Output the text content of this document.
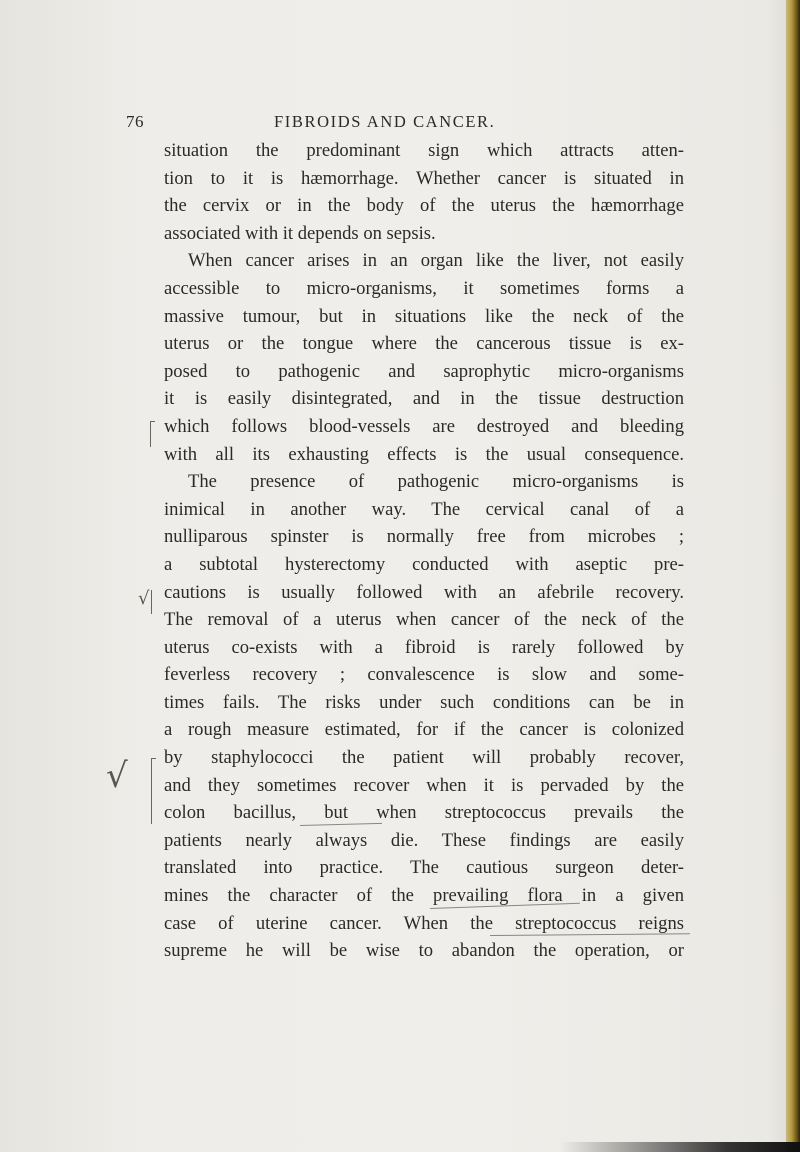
76	FIBROIDS AND CANCER.
situation the predominant sign which attracts atten-
tion to it is hæmorrhage. Whether cancer is situated in
the cervix or in the body of the uterus the hæmorrhage
associated with it depends on sepsis.
When cancer arises in an organ like the liver, not easily
accessible to micro-organisms, it sometimes forms a
massive tumour, but in situations like the neck of the
uterus or the tongue where the cancerous tissue is ex-
posed to pathogenic and saprophytic micro-organisms
it is easily disintegrated, and in the tissue destruction
which follows blood-vessels are destroyed and bleeding
with all its exhausting effects is the usual consequence.
The presence of pathogenic micro-organisms is
inimical in another way. The cervical canal of a
nulliparous spinster is normally free from microbes ;
a subtotal hysterectomy conducted with aseptic pre-
cautions is usually followed with an afebrile recovery.
The removal of a uterus when cancer of the neck of the
uterus co-exists with a fibroid is rarely followed by
feverless recovery ; convalescence is slow and some-
times fails. The risks under such conditions can be in
a rough measure estimated, for if the cancer is colonized
by staphylococci the patient will probably recover,
and they sometimes recover when it is pervaded by the
colon bacillus, but when streptococcus prevails the
patients nearly always die. These findings are easily
translated into practice. The cautious surgeon deter-
mines the character of the prevailing flora in a given
case of uterine cancer. When the streptococcus reigns
supreme he will be wise to abandon the operation, or
√
√
